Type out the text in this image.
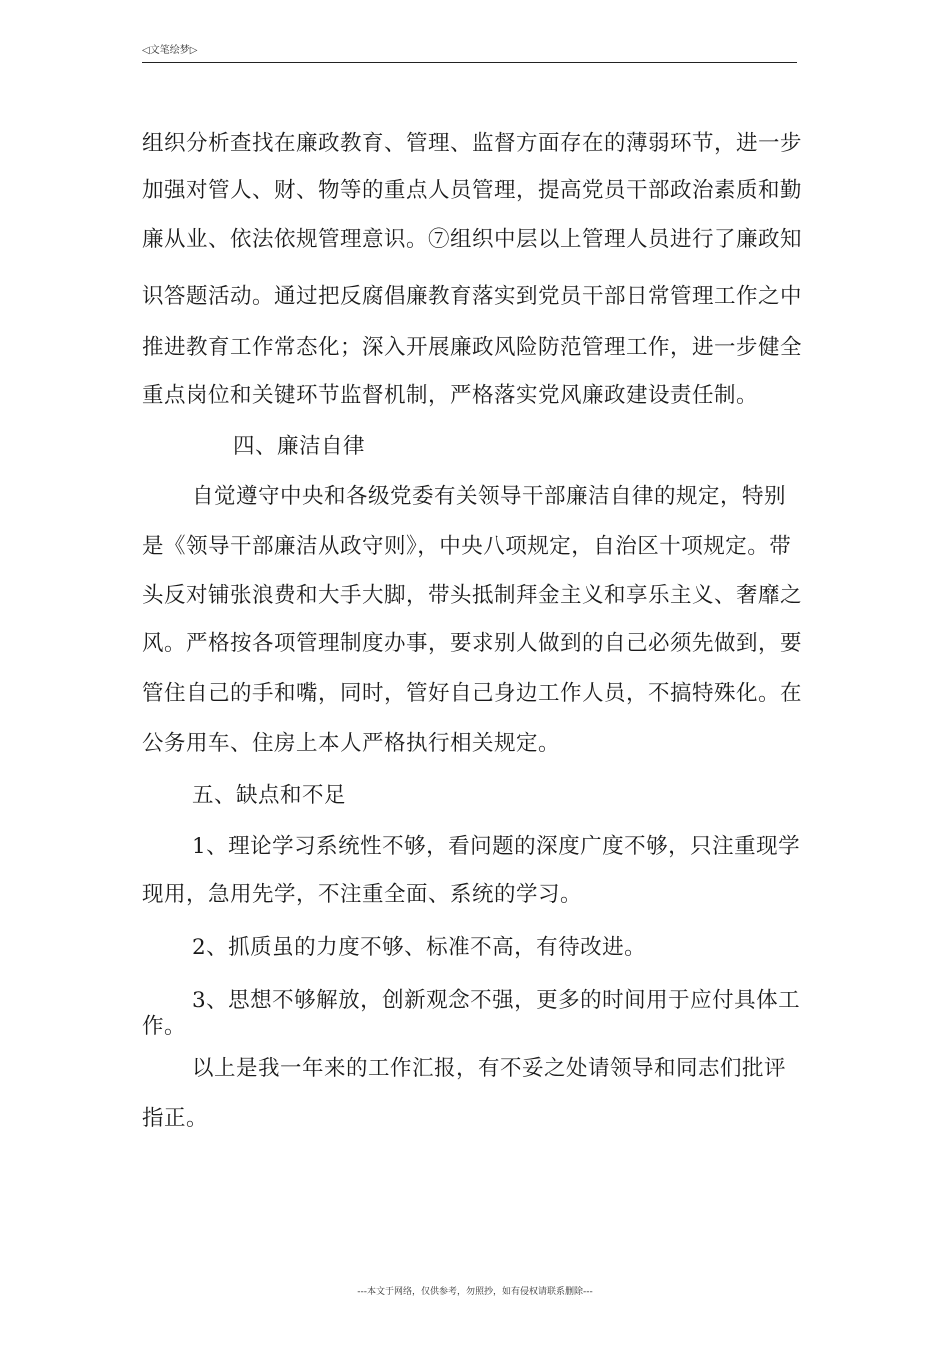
◁文笔绘梦▷

组织分析查找在廉政教育、管理、监督方面存在的薄弱环节，进一步

加强对管人、财、物等的重点人员管理，提高党员干部政治素质和勤

廉从业、依法依规管理意识。⑦组织中层以上管理人员进行了廉政知

识答题活动。通过把反腐倡廉教育落实到党员干部日常管理工作之中

推进教育工作常态化；深入开展廉政风险防范管理工作，进一步健全

重点岗位和关键环节监督机制，严格落实党风廉政建设责任制。

四、廉洁自律

自觉遵守中央和各级党委有关领导干部廉洁自律的规定，特别

是《领导干部廉洁从政守则》，中央八项规定，自治区十项规定。带

头反对铺张浪费和大手大脚，带头抵制拜金主义和享乐主义、奢靡之

风。严格按各项管理制度办事，要求别人做到的自己必须先做到，要

管住自己的手和嘴，同时，管好自己身边工作人员，不搞特殊化。在

公务用车、住房上本人严格执行相关规定。

五、缺点和不足

1、理论学习系统性不够，看问题的深度广度不够，只注重现学

现用，急用先学，不注重全面、系统的学习。

2、抓质虽的力度不够、标准不高，有待改进。

3、思想不够解放，创新观念不强，更多的时间用于应付具体工

作。

以上是我一年来的工作汇报，有不妥之处请领导和同志们批评

指正。

---本文于网络，仅供参考，勿照抄，如有侵权请联系删除---
